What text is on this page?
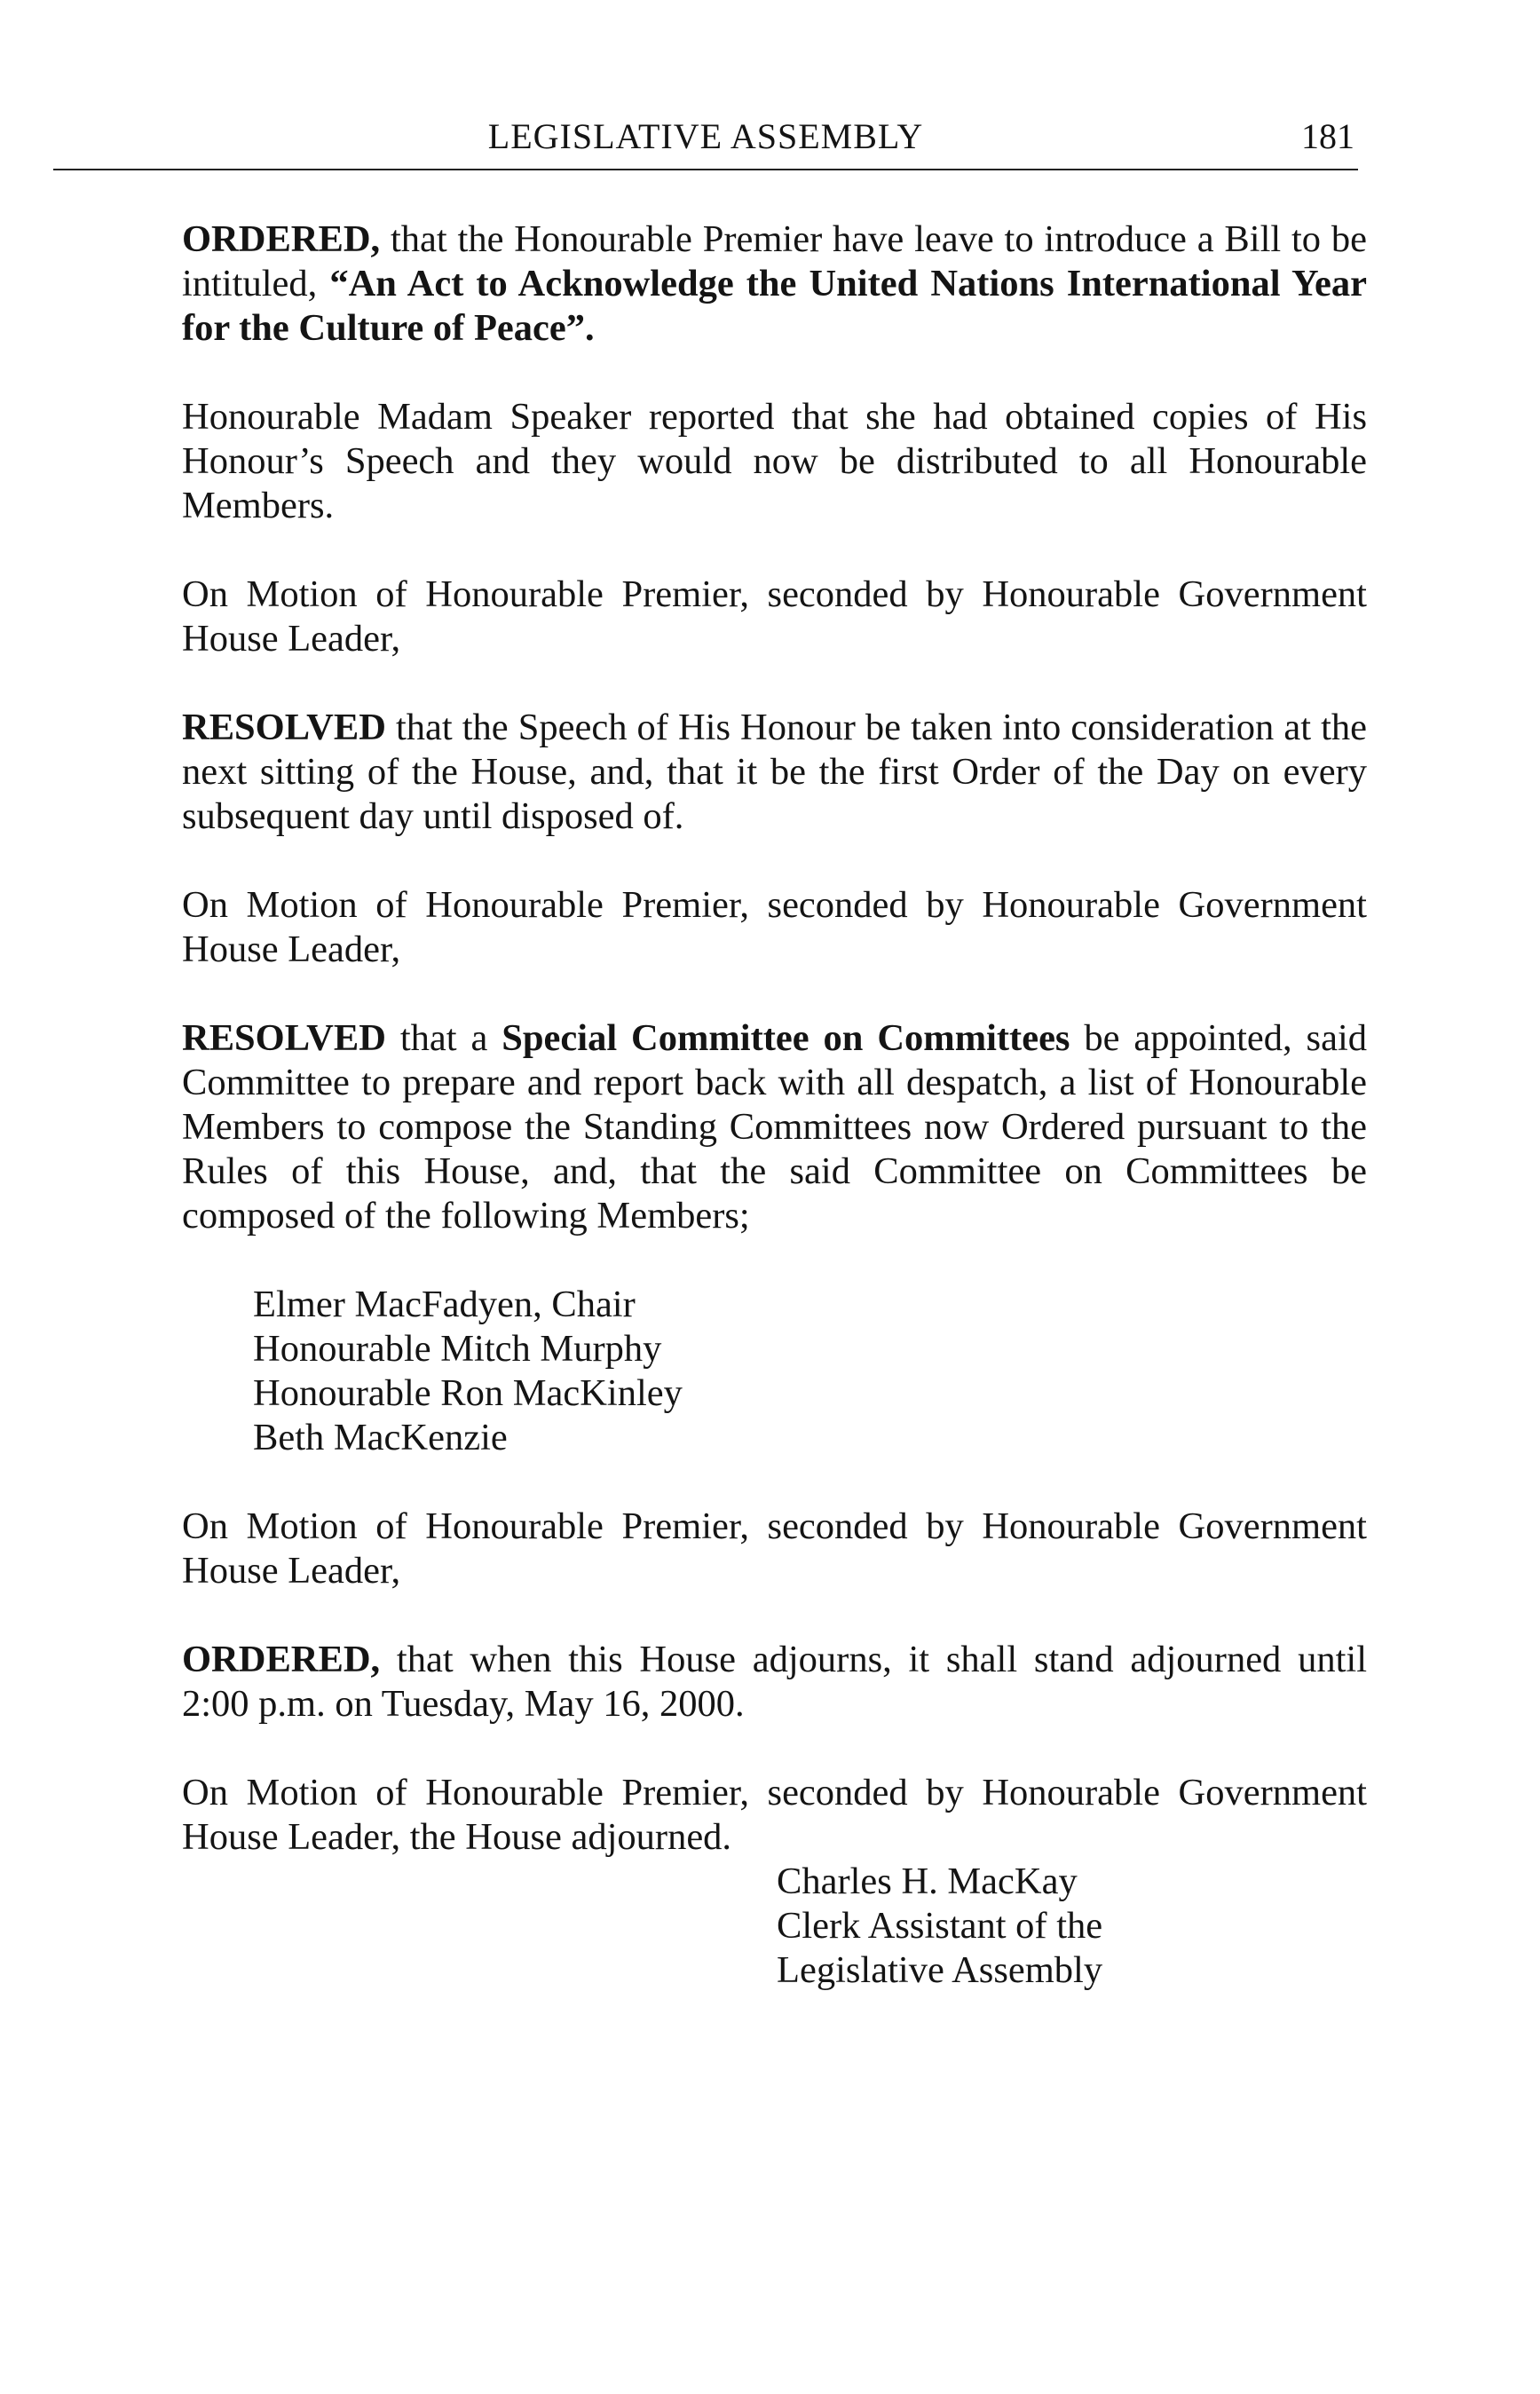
LEGISLATIVE ASSEMBLY	181

ORDERED, that the Honourable Premier have leave to introduce a Bill to be intituled, “An Act to Acknowledge the United Nations International Year for the Culture of Peace”.

Honourable Madam Speaker reported that she had obtained copies of His Honour’s Speech and they would now be distributed to all Honourable Members.

On Motion of Honourable Premier, seconded by Honourable Government House Leader,

RESOLVED that the Speech of His Honour be taken into consideration at the next sitting of the House, and, that it be the first Order of the Day on every subsequent day until disposed of.

On Motion of Honourable Premier, seconded by Honourable Government House Leader,

RESOLVED that a Special Committee on Committees be appointed, said Committee to prepare and report back with all despatch, a list of Honourable Members to compose the Standing Committees now Ordered pursuant to the Rules of this House, and, that the said Committee on Committees be composed of the following Members;

Elmer MacFadyen, Chair
Honourable Mitch Murphy
Honourable Ron MacKinley
Beth MacKenzie

On Motion of Honourable Premier, seconded by Honourable Government House Leader,

ORDERED, that when this House adjourns, it shall stand adjourned until 2:00 p.m. on Tuesday, May 16, 2000.

On Motion of Honourable Premier, seconded by Honourable Government House Leader, the House adjourned.

Charles H. MacKay
Clerk Assistant of the
Legislative Assembly
